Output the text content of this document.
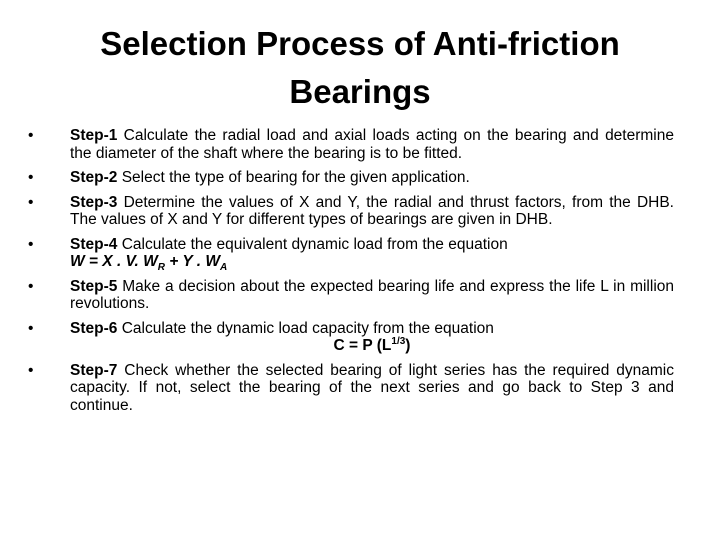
Selection Process of Anti-friction Bearings
• Step-1 Calculate the radial load and axial loads acting on the bearing and determine the diameter of the shaft where the bearing is to be fitted.
• Step-2 Select the type of bearing for the given application.
• Step-3 Determine the values of X and Y, the radial and thrust factors, from the DHB. The values of X and Y for different types of bearings are given in DHB.
• Step-4 Calculate the equivalent dynamic load from the equation
W = X . V. $W_R + Y$ . $W_A$
• Step-5 Make a decision about the expected bearing life and express the life L in million revolutions.
• Step-6 Calculate the dynamic load capacity from the equation
C = P $(L^{1/3})$
• Step-7 Check whether the selected bearing of light series has the required dynamic capacity. If not, select the bearing of the next series and go back to Step 3 and continue.
